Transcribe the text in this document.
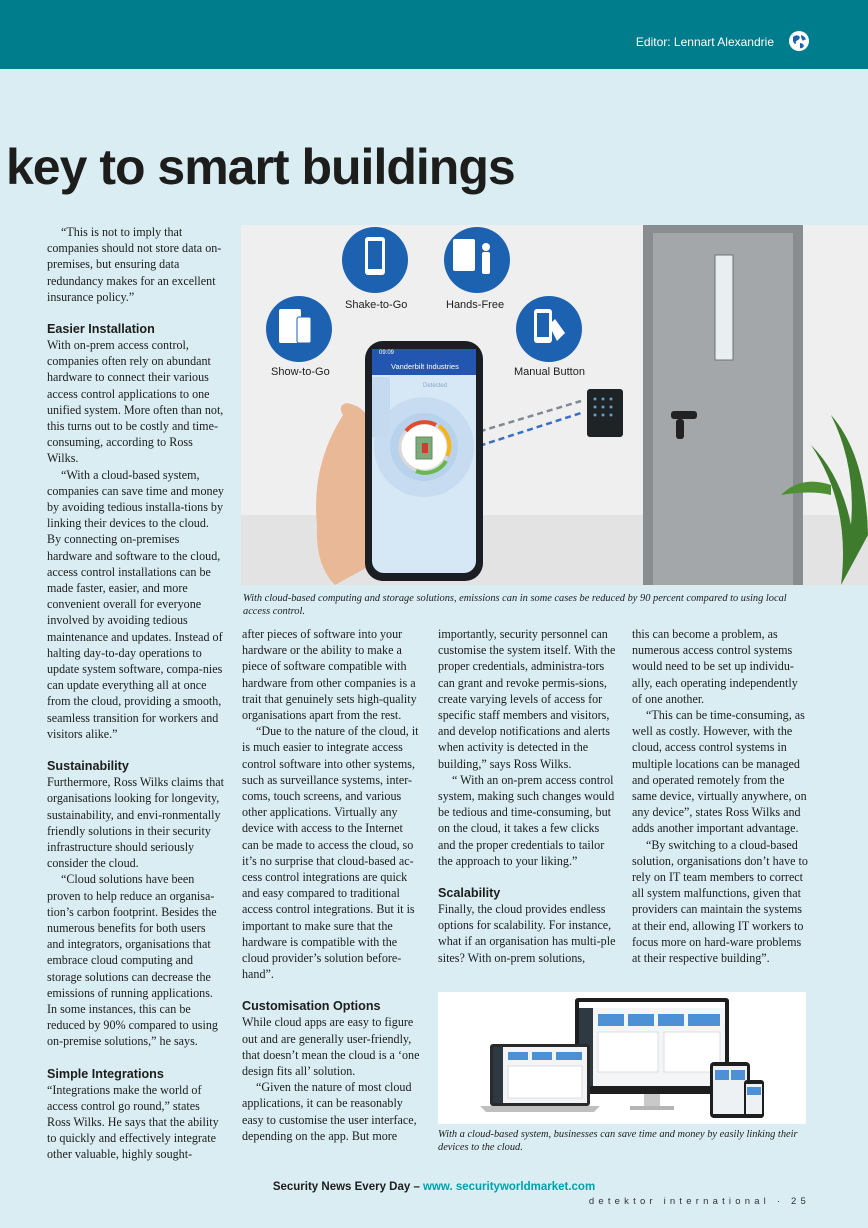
Editor: Lennart Alexandrie
key to smart buildings

“This is not to imply that companies should not store data on-premises, but ensuring data redundancy makes for an excellent insurance policy.”

Easier Installation

With on-prem access control, companies often rely on abundant hardware to connect their various access control applications to one unified system. More often than not, this turns out to be costly and time-consuming, according to Ross Wilks.

“With a cloud-based system, companies can save time and money by avoiding tedious installa-tions by linking their devices to the cloud. By connecting on-premises hardware and software to the cloud, access control installations can be made faster, easier, and more convenient overall for everyone involved by avoiding tedious maintenance and updates. Instead of halting day-to-day operations to update system software, compa-nies can update everything all at once from the cloud, providing a smooth, seamless transition for workers and visitors alike.”

Sustainability

Furthermore, Ross Wilks claims that organisations looking for longevity, sustainability, and envi-ronmentally friendly solutions in their security infrastructure should seriously consider the cloud.

“Cloud solutions have been proven to help reduce an organisa-tion’s carbon footprint. Besides the numerous benefits for both users and integrators, organisations that embrace cloud computing and storage solutions can decrease the emissions of running applications. In some instances, this can be reduced by 90% compared to using on-premise solutions,” he says.

Simple Integrations

“Integrations make the world of access control go round,” states Ross Wilks. He says that the ability to quickly and effectively integrate other valuable, highly sought-

Shake-to-Go	Hands-Free
Show-to-Go	Manual Button
09:09
Vanderbilt Industries
Detected
With cloud-based computing and storage solutions, emissions can in some cases be reduced by 90 percent compared to using local access control.

after pieces of software into your hardware or the ability to make a piece of software compatible with hardware from other companies is a trait that genuinely sets high-quality organisations apart from the rest.

“Due to the nature of the cloud, it is much easier to integrate access control software into other systems, such as surveillance systems, inter-coms, touch screens, and various other applications. Virtually any device with access to the Internet can be made to access the cloud, so it’s no surprise that cloud-based ac-cess control integrations are quick and easy compared to traditional access control integrations. But it is important to make sure that the hardware is compatible with the cloud provider’s solution before-hand”.

Customisation Options

While cloud apps are easy to figure out and are generally user-friendly, that doesn’t mean the cloud is a ‘one design fits all’ solution.

“Given the nature of most cloud applications, it can be reasonably easy to customise the user interface, depending on the app. But more

importantly, security personnel can customise the system itself. With the proper credentials, administra-tors can grant and revoke permis-sions, create varying levels of access for specific staff members and visitors, and develop notifications and alerts when activity is detected in the building,” says Ross Wilks.

“ With an on-prem access control system, making such changes would be tedious and time-consuming, but on the cloud, it takes a few clicks and the proper credentials to tailor the approach to your liking.”

Scalability

Finally, the cloud provides endless options for scalability. For instance, what if an organisation has multi-ple sites? With on-prem solutions,

this can become a problem, as numerous access control systems would need to be set up individu-ally, each operating independently of one another.

“This can be time-consuming, as well as costly. However, with the cloud, access control systems in multiple locations can be managed and operated remotely from the same device, virtually anywhere, on any device”, states Ross Wilks and adds another important advantage.

“By switching to a cloud-based solution, organisations don’t have to rely on IT team members to correct all system malfunctions, given that providers can maintain the systems at their end, allowing IT workers to focus more on hard-ware problems at their respective building”.

With a cloud-based system, businesses can save time and money by easily linking their devices to the cloud.
Security News Every Day – www. securityworldmarket.com
detektor international · 25
